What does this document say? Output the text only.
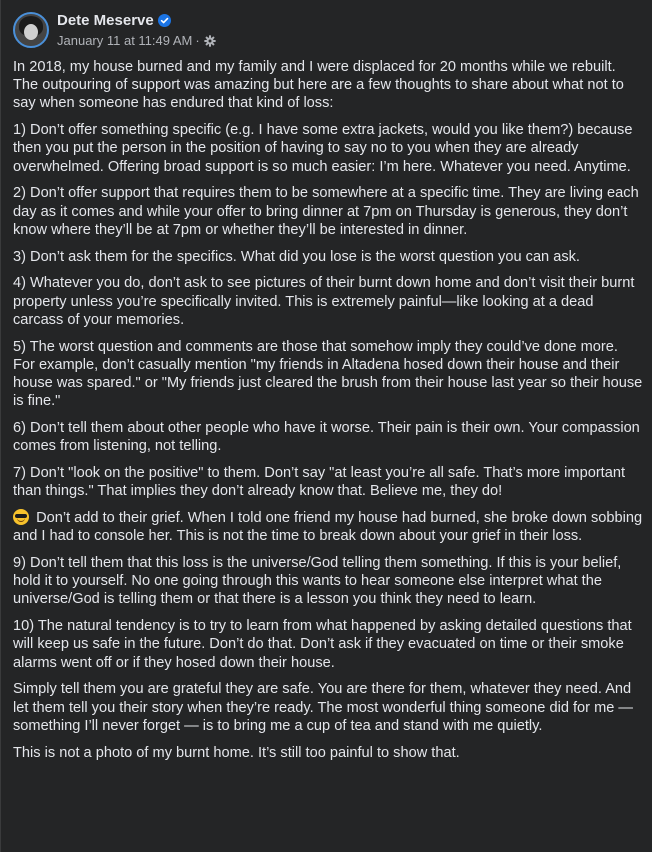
Dete Meserve
January 11 at 11:49 AM ·

In 2018, my house burned and my family and I were displaced for 20 months while we rebuilt. The outpouring of support was amazing but here are a few thoughts to share about what not to say when someone has endured that kind of loss:

1) Don’t offer something specific (e.g. I have some extra jackets, would you like them?) because then you put the person in the position of having to say no to you when they are already overwhelmed. Offering broad support is so much easier: I’m here. Whatever you need. Anytime.

2) Don’t offer support that requires them to be somewhere at a specific time. They are living each day as it comes and while your offer to bring dinner at 7pm on Thursday is generous, they don’t know where they’ll be at 7pm or whether they’ll be interested in dinner.

3) Don’t ask them for the specifics. What did you lose is the worst question you can ask.

4) Whatever you do, don’t ask to see pictures of their burnt down home and don’t visit their burnt property unless you’re specifically invited. This is extremely painful—like looking at a dead carcass of your memories.

5) The worst question and comments are those that somehow imply they could’ve done more. For example, don’t casually mention "my friends in Altadena hosed down their house and their house was spared." or "My friends just cleared the brush from their house last year so their house is fine."

6) Don’t tell them about other people who have it worse. Their pain is their own. Your compassion comes from listening, not telling.

7) Don’t "look on the positive" to them. Don’t say "at least you’re all safe. That’s more important than things." That implies they don’t already know that. Believe me, they do!

Don’t add to their grief. When I told one friend my house had burned, she broke down sobbing and I had to console her. This is not the time to break down about your grief in their loss.

9) Don’t tell them that this loss is the universe/God telling them something. If this is your belief, hold it to yourself. No one going through this wants to hear someone else interpret what the universe/God is telling them or that there is a lesson you think they need to learn.

10) The natural tendency is to try to learn from what happened by asking detailed questions that will keep us safe in the future. Don’t do that. Don’t ask if they evacuated on time or their smoke alarms went off or if they hosed down their house.

Simply tell them you are grateful they are safe. You are there for them, whatever they need. And let them tell you their story when they’re ready. The most wonderful thing someone did for me — something I’ll never forget — is to bring me a cup of tea and stand with me quietly.

This is not a photo of my burnt home. It’s still too painful to show that.
